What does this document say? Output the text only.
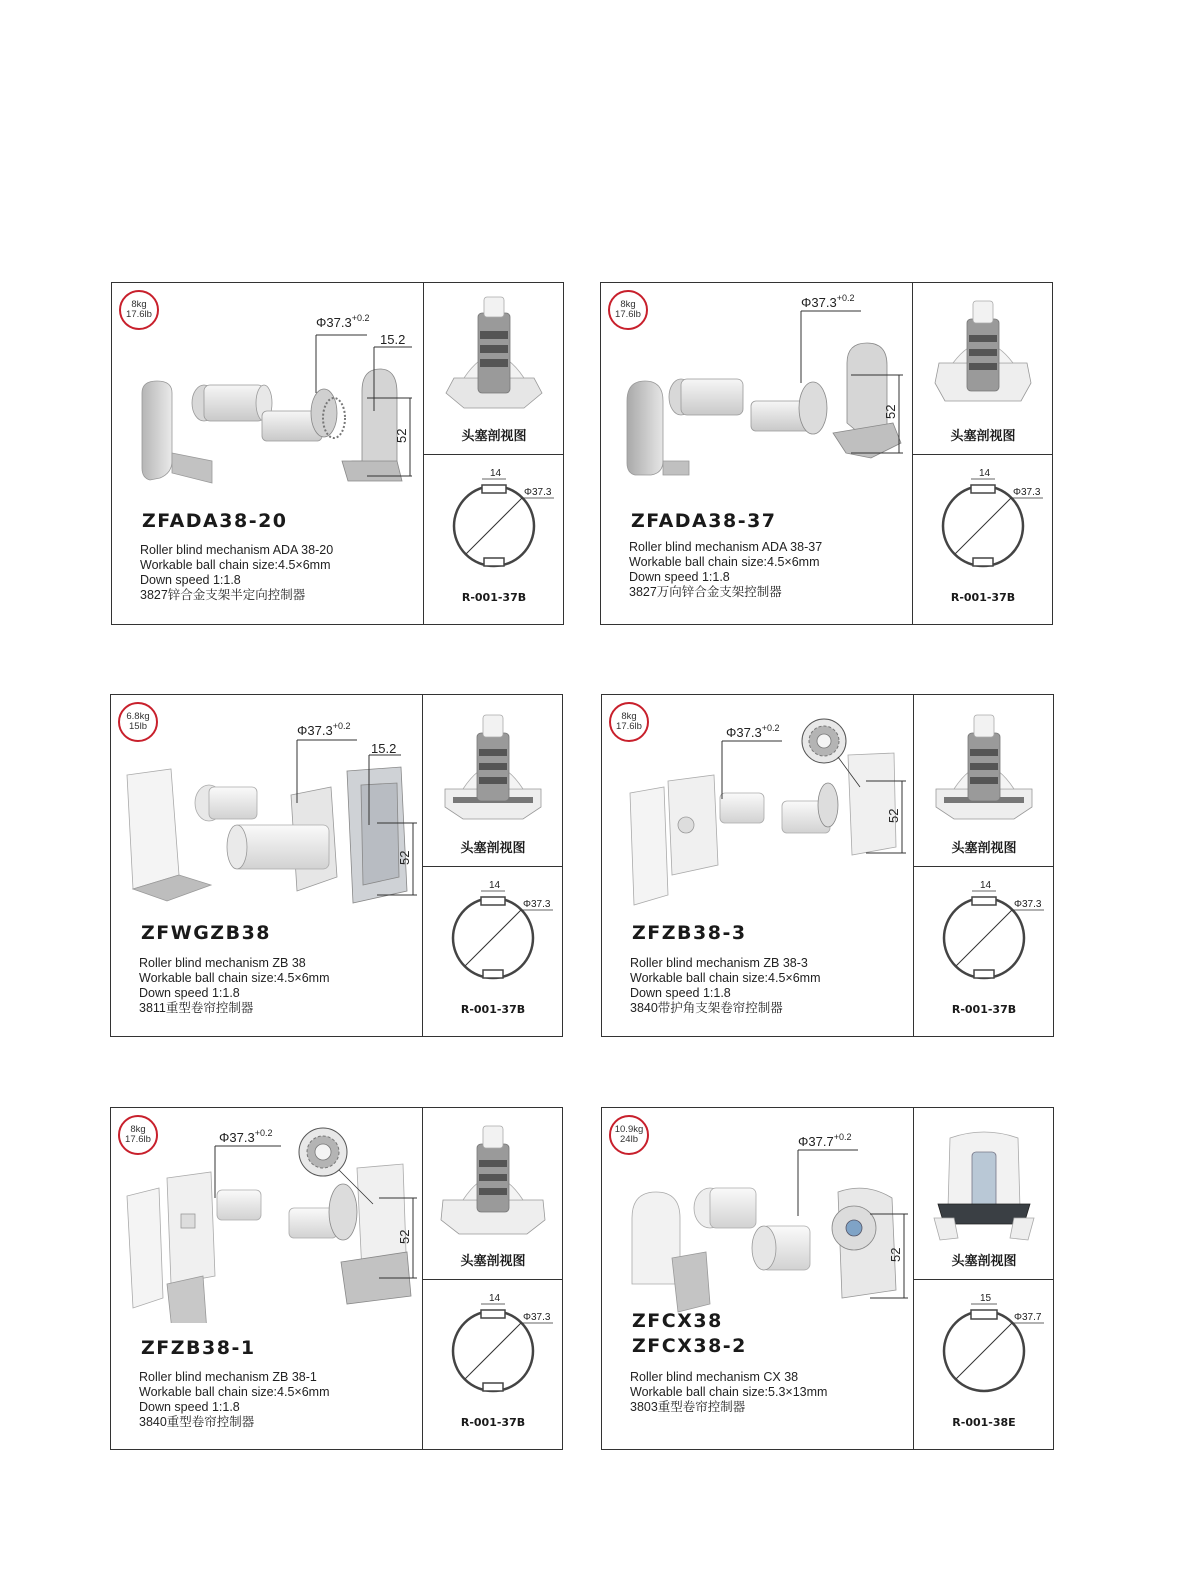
$\Phi 37.3^{+0.2}$
15.2
52
8kg
17.6lb
ZFADA38-20
Roller blind mechanism ADA 38-20
Workable ball chain size:4.5×6mm
Down speed 1:1.8
3827锌合金支架半定向控制器
头塞剖视图
14
Φ37.3
R-001-37B
$\Phi 37.3^{+0.2}$
52
8kg
17.6lb
ZFADA38-37
Roller blind mechanism ADA 38-37
Workable ball chain size:4.5×6mm
Down speed 1:1.8
3827万向锌合金支架控制器
头塞剖视图
14
Φ37.3
R-001-37B
$\Phi 37.3^{+0.2}$
15.2
52
6.8kg
15lb
ZFWGZB38
Roller blind mechanism ZB 38
Workable ball chain size:4.5×6mm
Down speed 1:1.8
3811重型卷帘控制器
头塞剖视图
14
Φ37.3
R-001-37B
$\Phi 37.3^{+0.2}$
52
8kg
17.6lb
ZFZB38-3
Roller blind mechanism ZB 38-3
Workable ball chain size:4.5×6mm
Down speed 1:1.8
3840带护角支架卷帘控制器
头塞剖视图
14
Φ37.3
R-001-37B
$\Phi 37.3^{+0.2}$
52
8kg
17.6lb
ZFZB38-1
Roller blind mechanism ZB 38-1
Workable ball chain size:4.5×6mm
Down speed 1:1.8
3840重型卷帘控制器
头塞剖视图
14
Φ37.3
R-001-37B
$\Phi 37.7^{+0.2}$
52
10.9kg
24lb
ZFCX38
ZFCX38-2
Roller blind mechanism CX 38
Workable ball chain size:5.3×13mm
3803重型卷帘控制器
头塞剖视图
15
Φ37.7
R-001-38E
